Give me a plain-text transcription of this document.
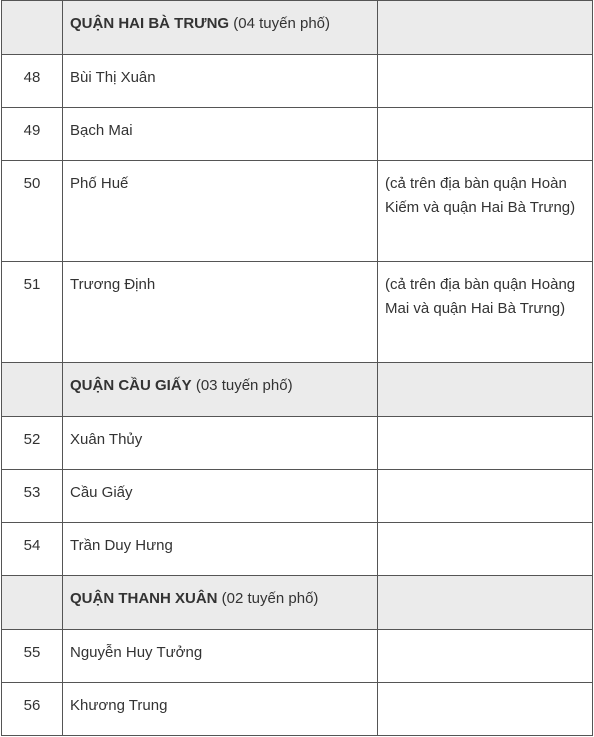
	QUẬN HAI BÀ TRƯNG (04 tuyến phố)	
48	Bùi Thị Xuân	
49	Bạch Mai	
50	Phố Huế	(cả trên địa bàn quận Hoàn Kiếm và quận Hai Bà Trưng)
51	Trương Định	(cả trên địa bàn quận Hoàng Mai và quận Hai Bà Trưng)
	QUẬN CẦU GIẤY (03 tuyến phố)	
52	Xuân Thủy	
53	Cầu Giấy	
54	Trần Duy Hưng	
	QUẬN THANH XUÂN (02 tuyến phố)	
55	Nguyễn Huy Tưởng	
56	Khương Trung	
